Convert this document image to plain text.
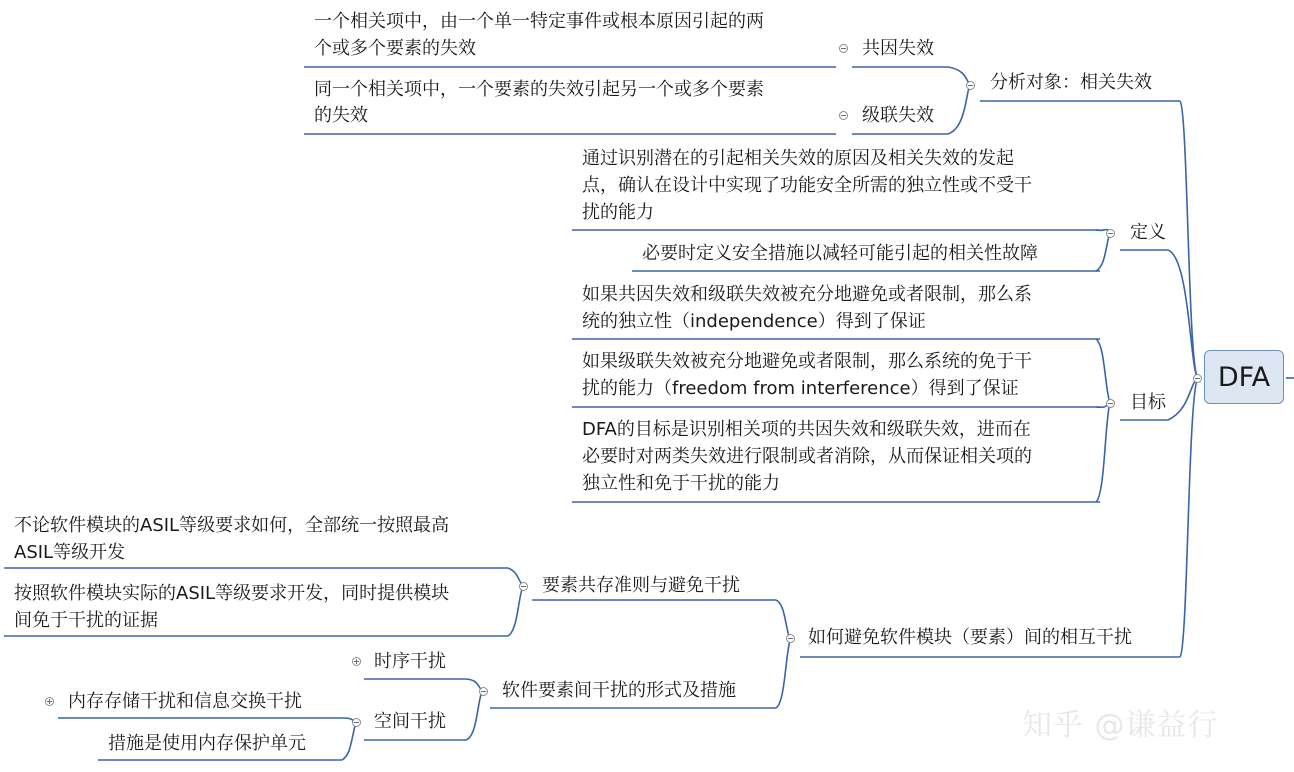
DFA
分析对象：相关失效
共因失效
一个相关项中，由一个单一特定事件或根本原因引起的两
个或多个要素的失效
级联失效
同一个相关项中，一个要素的失效引起另一个或多个要素
的失效
定义
通过识别潜在的引起相关失效的原因及相关失效的发起
点，确认在设计中实现了功能安全所需的独立性或不受干
扰的能力
必要时定义安全措施以减轻可能引起的相关性故障
目标
如果共因失效和级联失效被充分地避免或者限制，那么系
统的独立性（independence）得到了保证
如果级联失效被充分地避免或者限制，那么系统的免于干
扰的能力（freedom from interference）得到了保证
DFA的目标是识别相关项的共因失效和级联失效，进而在
必要时对两类失效进行限制或者消除，从而保证相关项的
独立性和免于干扰的能力
如何避免软件模块（要素）间的相互干扰
要素共存准则与避免干扰
不论软件模块的ASIL等级要求如何，全部统一按照最高
ASIL等级开发
按照软件模块实际的ASIL等级要求开发，同时提供模块
间免于干扰的证据
软件要素间干扰的形式及措施
时序干扰
空间干扰
内存存储干扰和信息交换干扰
措施是使用内存保护单元
知乎 @谦益行
